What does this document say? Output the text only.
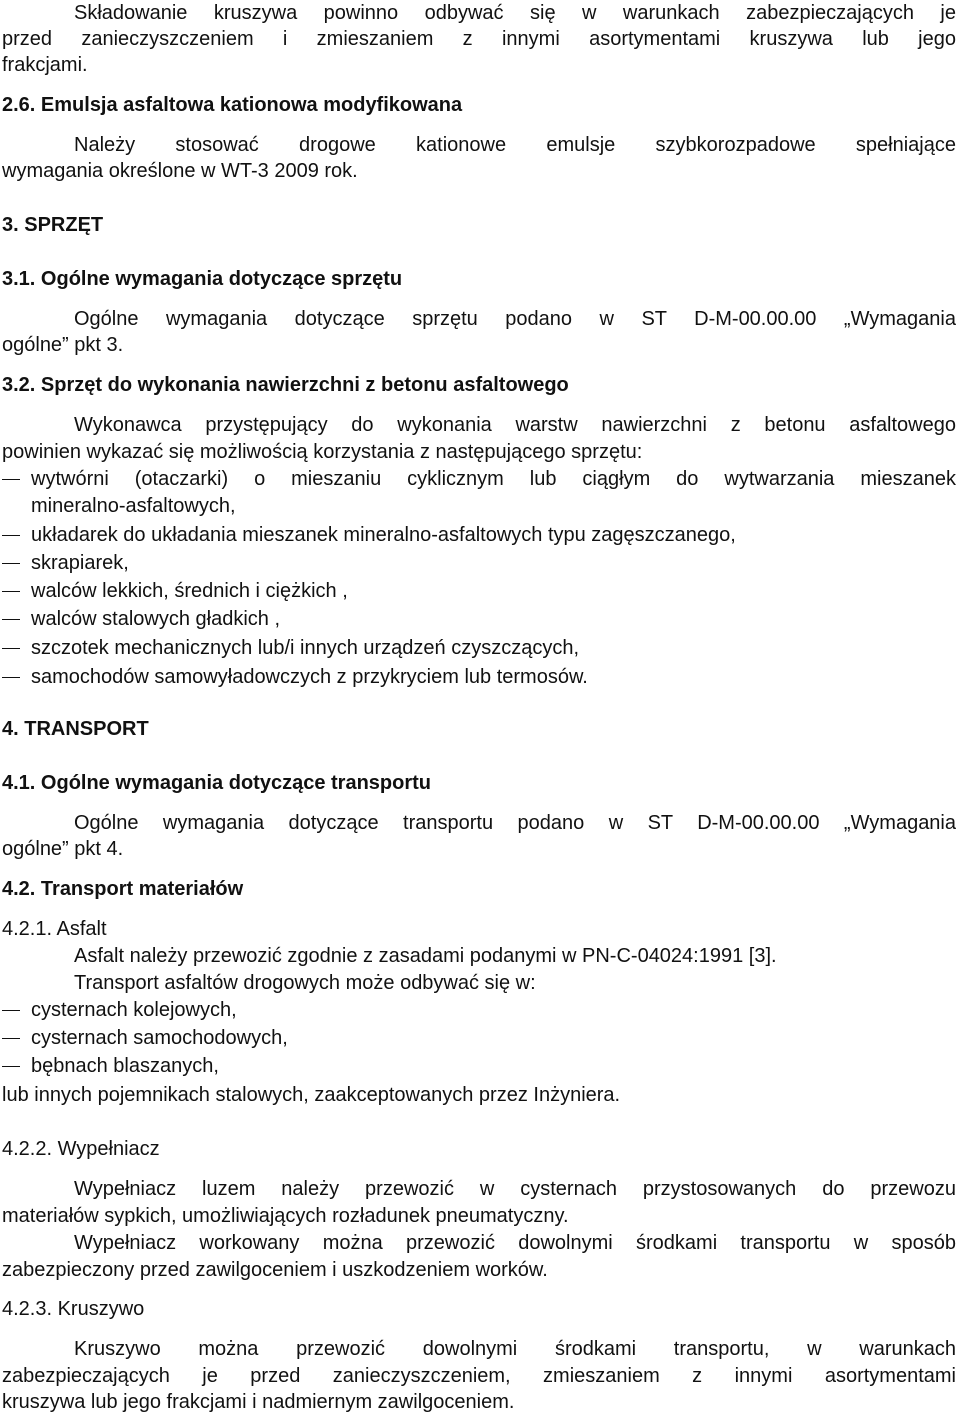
Składowanie kruszywa powinno odbywać się w warunkach zabezpieczających je
przed zanieczyszczeniem i zmieszaniem z innymi asortymentami kruszywa lub jego
frakcjami.
2.6. Emulsja asfaltowa kationowa modyfikowana
Należy stosować drogowe kationowe emulsje szybkorozpadowe spełniające
wymagania określone w WT-3 2009 rok.
3. SPRZĘT
3.1. Ogólne wymagania dotyczące sprzętu
Ogólne wymagania dotyczące sprzętu podano w ST D-M-00.00.00 „Wymagania
ogólne” pkt 3.
3.2. Sprzęt do wykonania nawierzchni z betonu asfaltowego
Wykonawca przystępujący do wykonania warstw nawierzchni z betonu asfaltowego
powinien wykazać się możliwością korzystania z następującego sprzętu:
wytwórni (otaczarki) o mieszaniu cyklicznym lub ciągłym do wytwarzania mieszanek
mineralno-asfaltowych,
układarek do układania mieszanek mineralno-asfaltowych typu zagęszczanego,
skrapiarek,
walców lekkich, średnich i ciężkich ,
walców stalowych gładkich ,
szczotek mechanicznych lub/i innych urządzeń czyszczących,
samochodów samowyładowczych z przykryciem lub termosów.
4. TRANSPORT
4.1. Ogólne wymagania dotyczące transportu
Ogólne wymagania dotyczące transportu podano w ST D-M-00.00.00 „Wymagania
ogólne” pkt 4.
4.2. Transport materiałów
4.2.1. Asfalt
Asfalt należy przewozić zgodnie z zasadami podanymi w PN-C-04024:1991 [3].
Transport asfaltów drogowych może odbywać się w:
cysternach kolejowych,
cysternach samochodowych,
bębnach blaszanych,
lub innych pojemnikach stalowych, zaakceptowanych przez Inżyniera.
4.2.2. Wypełniacz
Wypełniacz luzem należy przewozić w cysternach przystosowanych do przewozu
materiałów sypkich, umożliwiających rozładunek pneumatyczny.
Wypełniacz workowany można przewozić dowolnymi środkami transportu w sposób
zabezpieczony przed zawilgoceniem i uszkodzeniem worków.
4.2.3. Kruszywo
Kruszywo można przewozić dowolnymi środkami transportu, w warunkach
zabezpieczających je przed zanieczyszczeniem, zmieszaniem z innymi asortymentami
kruszywa lub jego frakcjami i nadmiernym zawilgoceniem.
